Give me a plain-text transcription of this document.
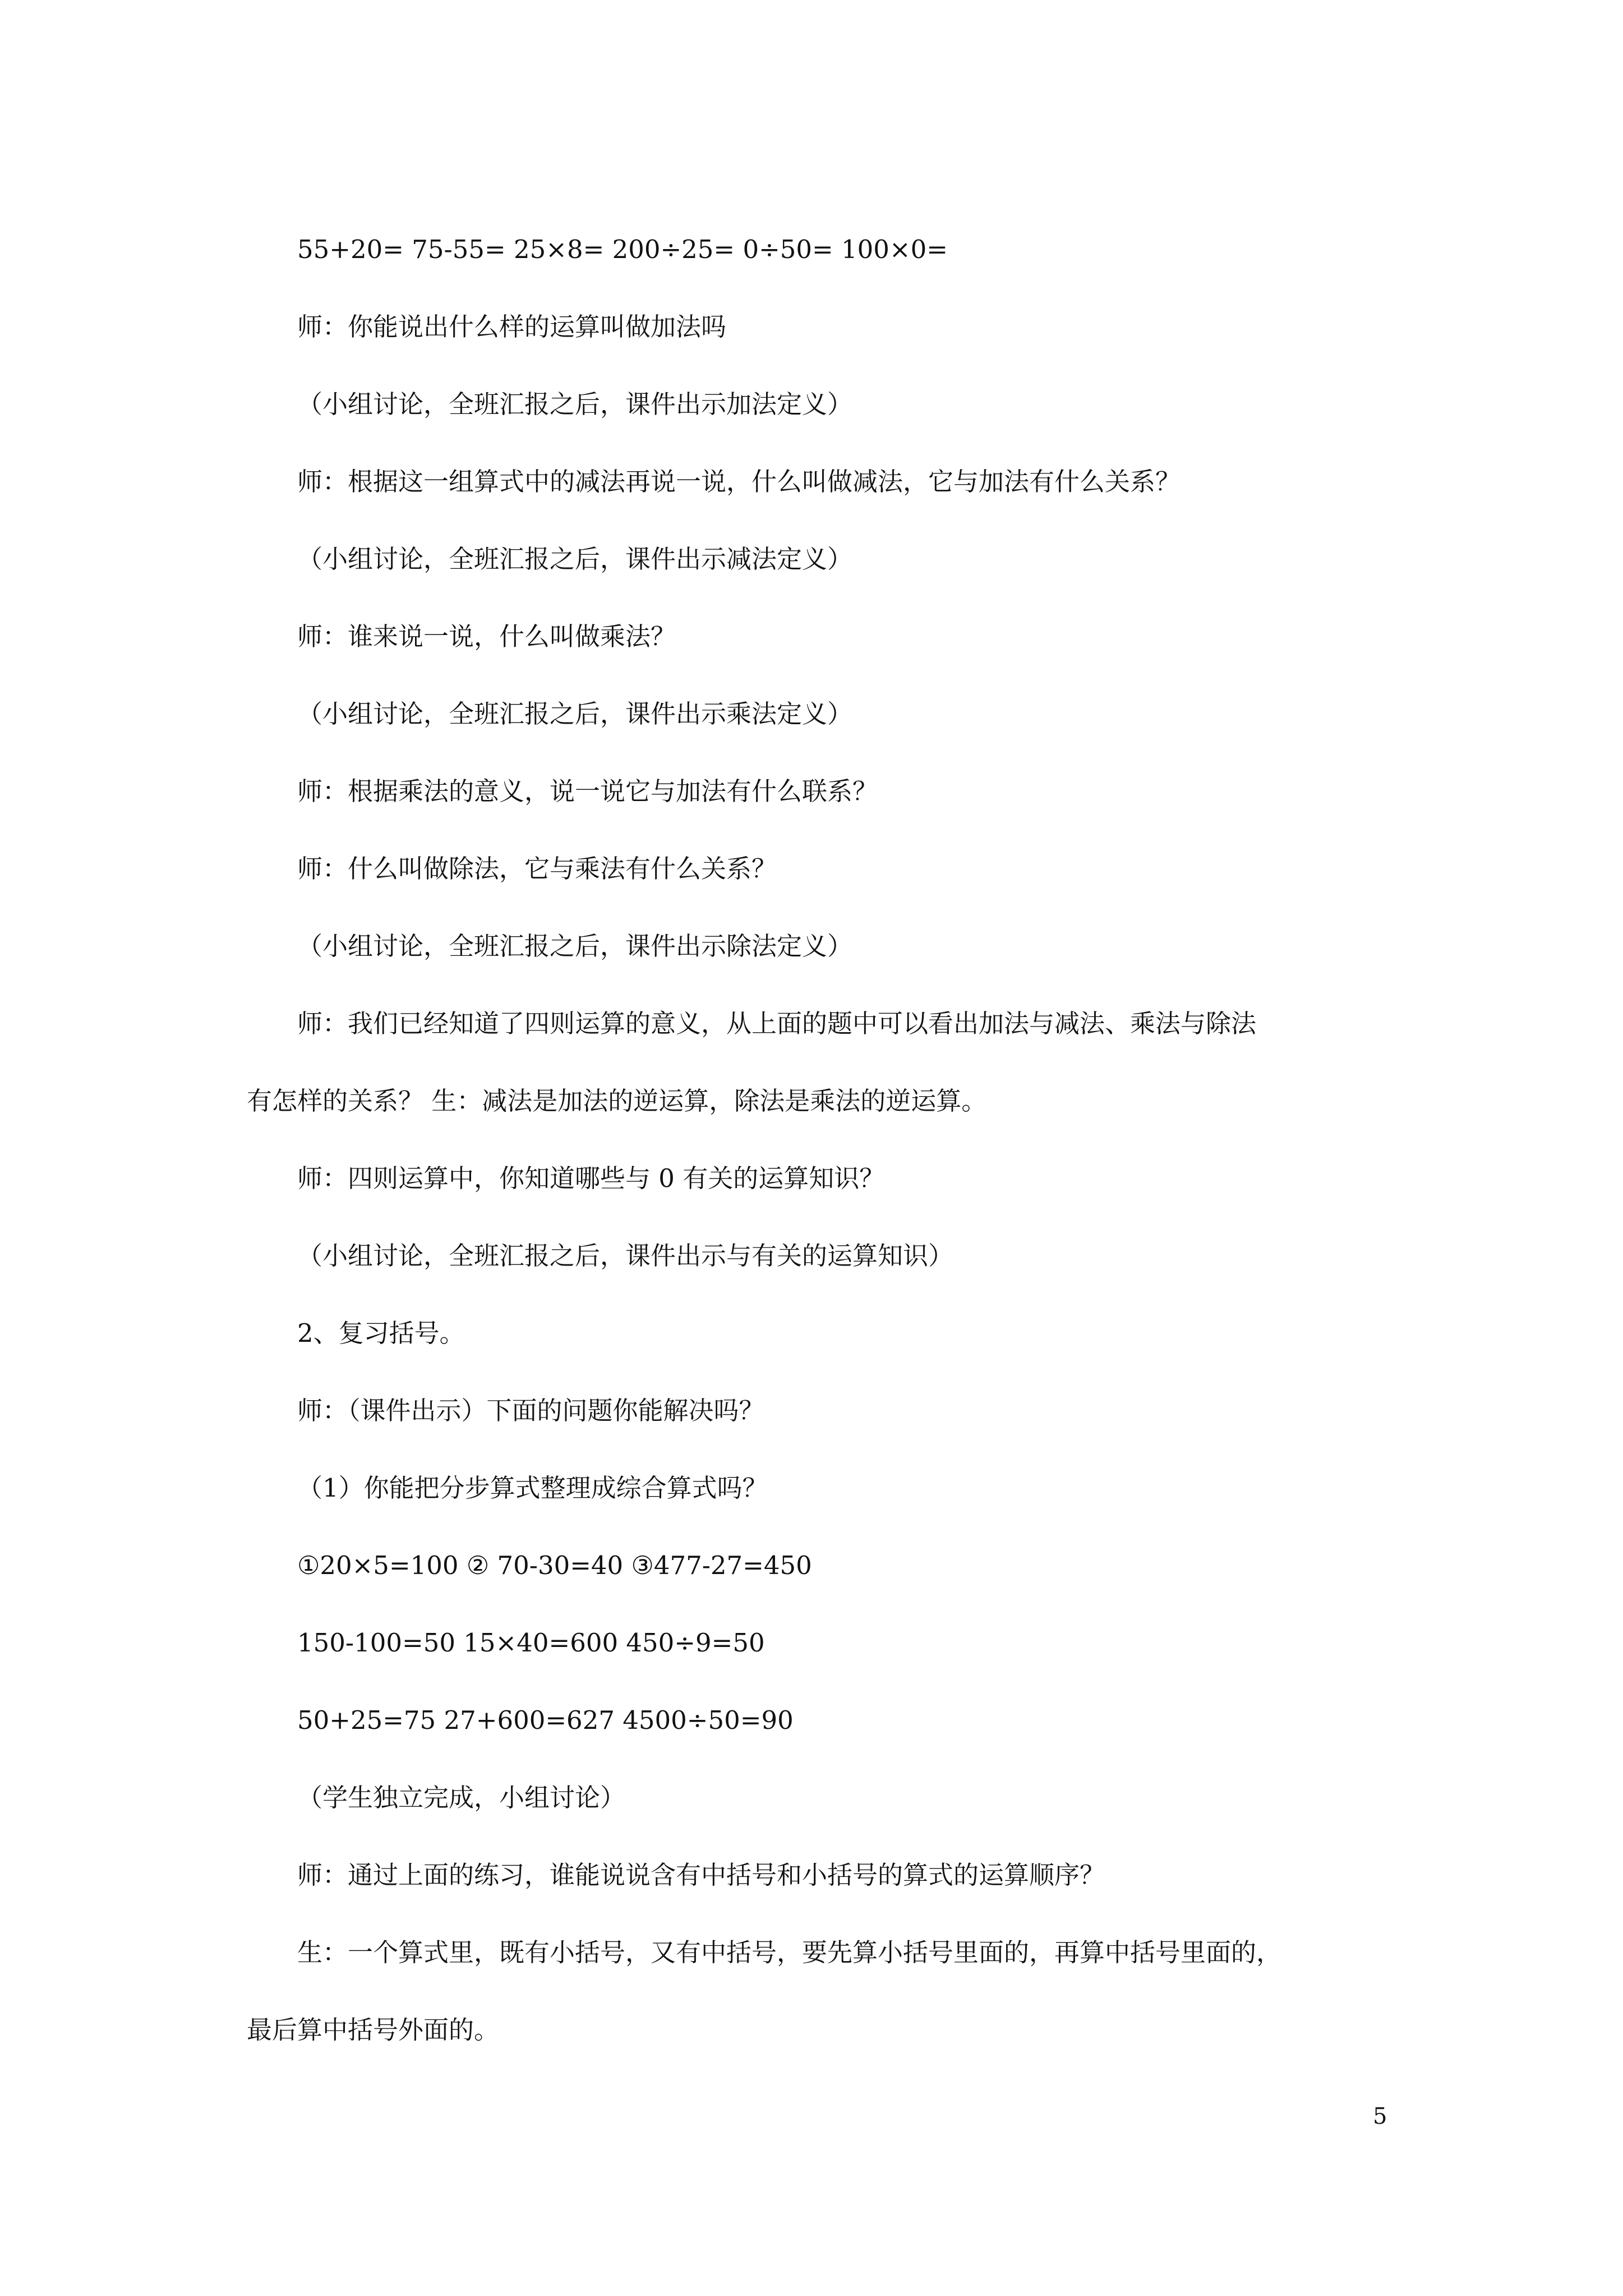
55+20= 75-55= 25×8= 200÷25= 0÷50= 100×0=
师：你能说出什么样的运算叫做加法吗
（小组讨论，全班汇报之后，课件出示加法定义）
师：根据这一组算式中的减法再说一说，什么叫做减法，它与加法有什么关系？
（小组讨论，全班汇报之后，课件出示减法定义）
师：谁来说一说，什么叫做乘法？
（小组讨论，全班汇报之后，课件出示乘法定义）
师：根据乘法的意义，说一说它与加法有什么联系？
师：什么叫做除法，它与乘法有什么关系？
（小组讨论，全班汇报之后，课件出示除法定义）
师：我们已经知道了四则运算的意义，从上面的题中可以看出加法与减法、乘法与除法
有怎样的关系？ 生：减法是加法的逆运算，除法是乘法的逆运算。
师：四则运算中，你知道哪些与 0 有关的运算知识？
（小组讨论，全班汇报之后，课件出示与有关的运算知识）
2、复习括号。
师：（课件出示）下面的问题你能解决吗？
（1）你能把分步算式整理成综合算式吗？
①20×5=100 ② 70-30=40 ③477-27=450
150-100=50 15×40=600 450÷9=50
50+25=75 27+600=627 4500÷50=90
（学生独立完成，小组讨论）
师：通过上面的练习，谁能说说含有中括号和小括号的算式的运算顺序？
生：一个算式里，既有小括号，又有中括号，要先算小括号里面的，再算中括号里面的，
最后算中括号外面的。
5
